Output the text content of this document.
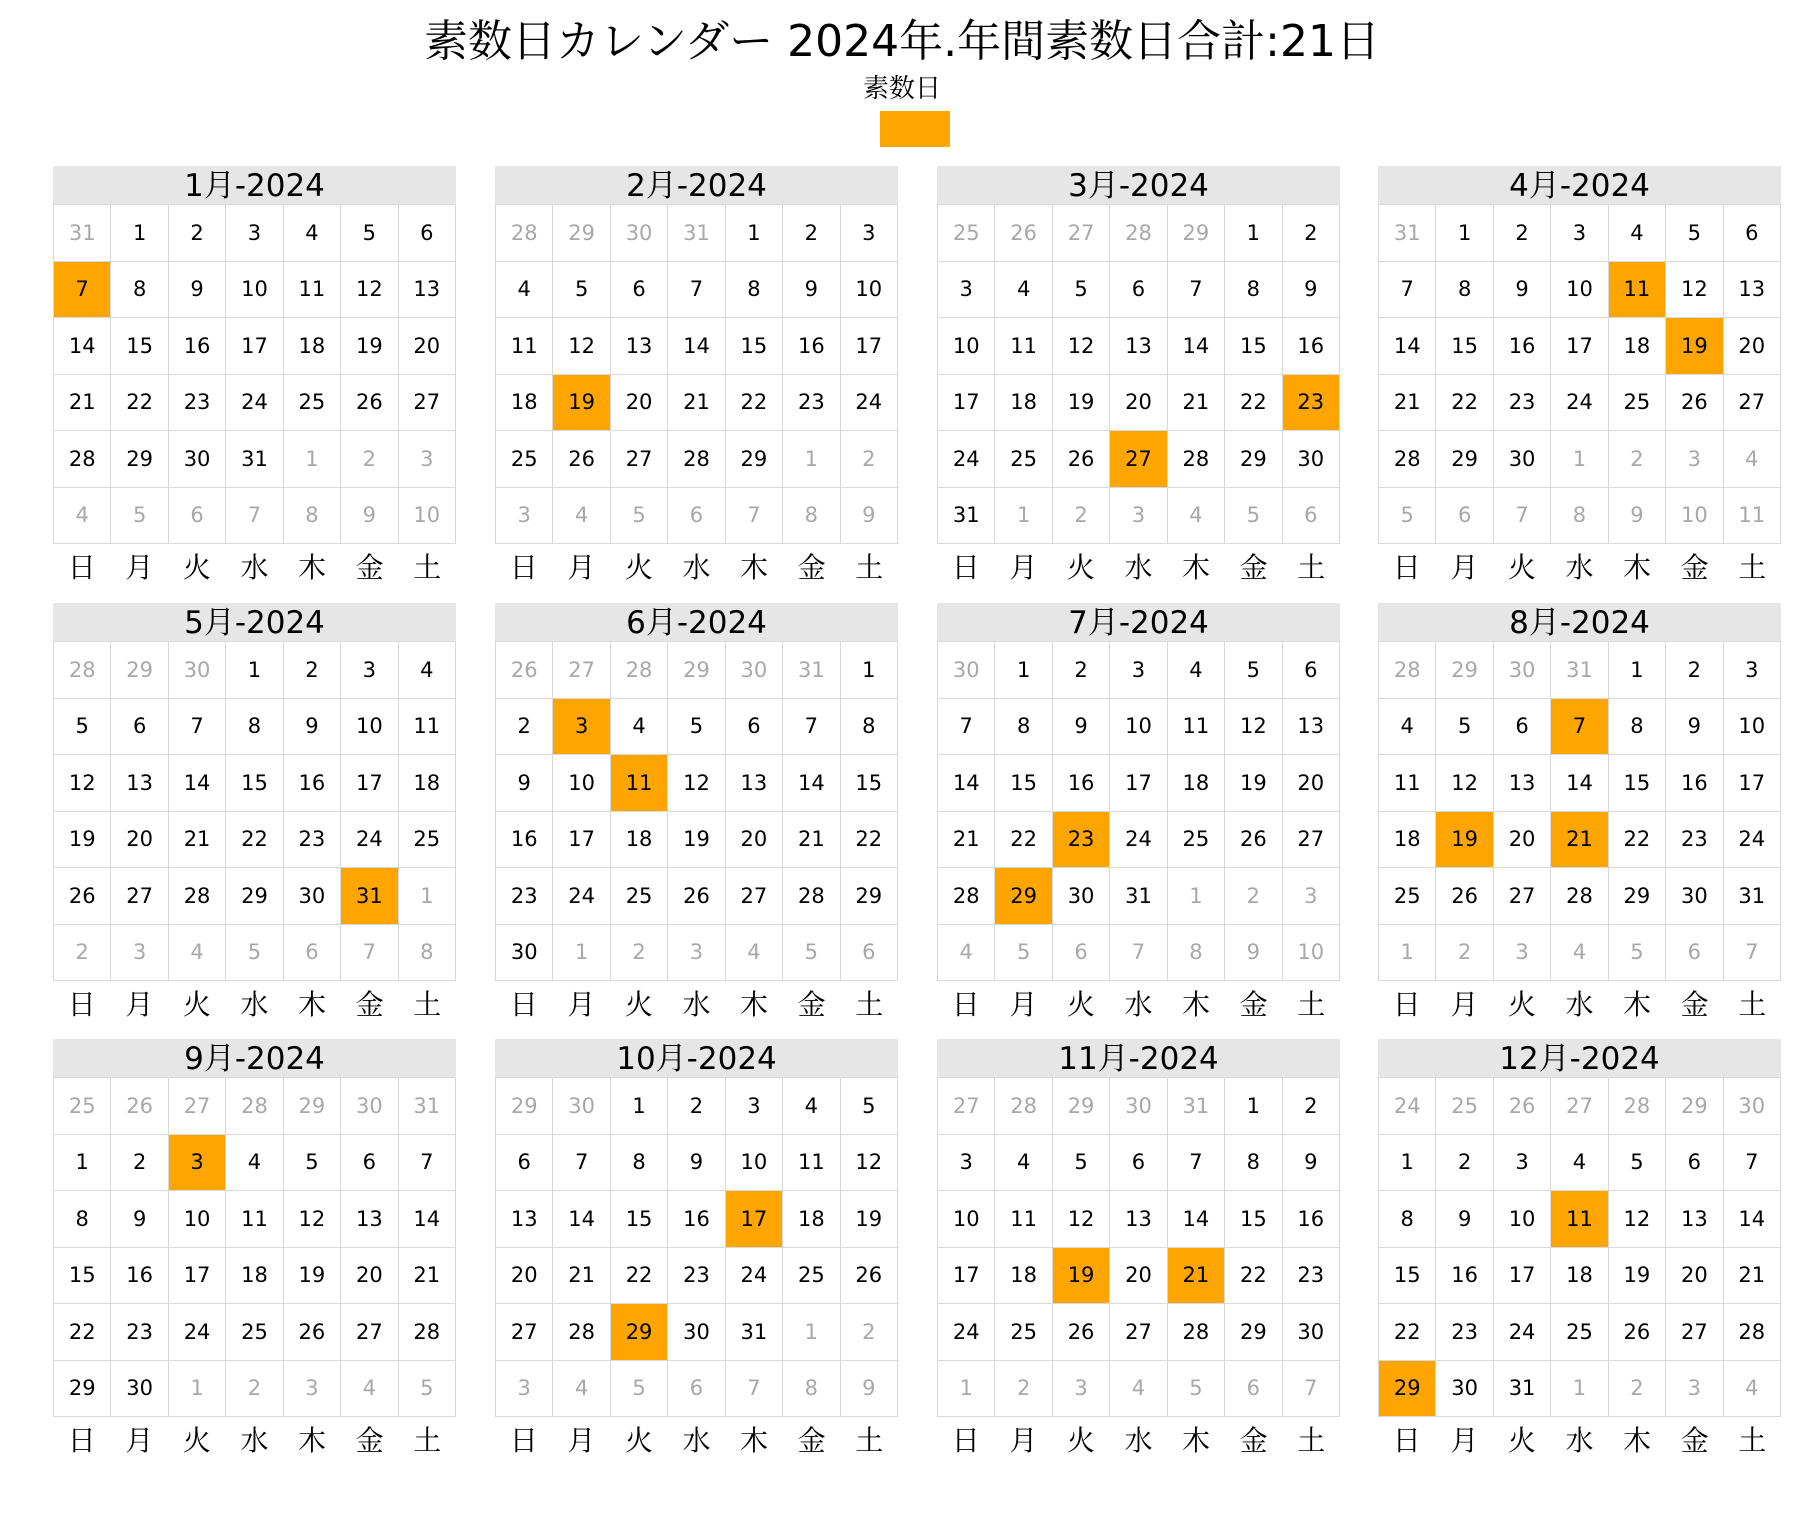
素数日カレンダー 2024年.年間素数日合計:21日
素数日
1月-2024
31	1	2	3	4	5	6
7	8	9	10	11	12	13
14	15	16	17	18	19	20
21	22	23	24	25	26	27
28	29	30	31	1	2	3
4	5	6	7	8	9	10
日	月	火	水	木	金	土
2月-2024
28	29	30	31	1	2	3
4	5	6	7	8	9	10
11	12	13	14	15	16	17
18	19	20	21	22	23	24
25	26	27	28	29	1	2
3	4	5	6	7	8	9
日	月	火	水	木	金	土
3月-2024
25	26	27	28	29	1	2
3	4	5	6	7	8	9
10	11	12	13	14	15	16
17	18	19	20	21	22	23
24	25	26	27	28	29	30
31	1	2	3	4	5	6
日	月	火	水	木	金	土
4月-2024
31	1	2	3	4	5	6
7	8	9	10	11	12	13
14	15	16	17	18	19	20
21	22	23	24	25	26	27
28	29	30	1	2	3	4
5	6	7	8	9	10	11
日	月	火	水	木	金	土
5月-2024
28	29	30	1	2	3	4
5	6	7	8	9	10	11
12	13	14	15	16	17	18
19	20	21	22	23	24	25
26	27	28	29	30	31	1
2	3	4	5	6	7	8
日	月	火	水	木	金	土
6月-2024
26	27	28	29	30	31	1
2	3	4	5	6	7	8
9	10	11	12	13	14	15
16	17	18	19	20	21	22
23	24	25	26	27	28	29
30	1	2	3	4	5	6
日	月	火	水	木	金	土
7月-2024
30	1	2	3	4	5	6
7	8	9	10	11	12	13
14	15	16	17	18	19	20
21	22	23	24	25	26	27
28	29	30	31	1	2	3
4	5	6	7	8	9	10
日	月	火	水	木	金	土
8月-2024
28	29	30	31	1	2	3
4	5	6	7	8	9	10
11	12	13	14	15	16	17
18	19	20	21	22	23	24
25	26	27	28	29	30	31
1	2	3	4	5	6	7
日	月	火	水	木	金	土
9月-2024
25	26	27	28	29	30	31
1	2	3	4	5	6	7
8	9	10	11	12	13	14
15	16	17	18	19	20	21
22	23	24	25	26	27	28
29	30	1	2	3	4	5
日	月	火	水	木	金	土
10月-2024
29	30	1	2	3	4	5
6	7	8	9	10	11	12
13	14	15	16	17	18	19
20	21	22	23	24	25	26
27	28	29	30	31	1	2
3	4	5	6	7	8	9
日	月	火	水	木	金	土
11月-2024
27	28	29	30	31	1	2
3	4	5	6	7	8	9
10	11	12	13	14	15	16
17	18	19	20	21	22	23
24	25	26	27	28	29	30
1	2	3	4	5	6	7
日	月	火	水	木	金	土
12月-2024
24	25	26	27	28	29	30
1	2	3	4	5	6	7
8	9	10	11	12	13	14
15	16	17	18	19	20	21
22	23	24	25	26	27	28
29	30	31	1	2	3	4
日	月	火	水	木	金	土
